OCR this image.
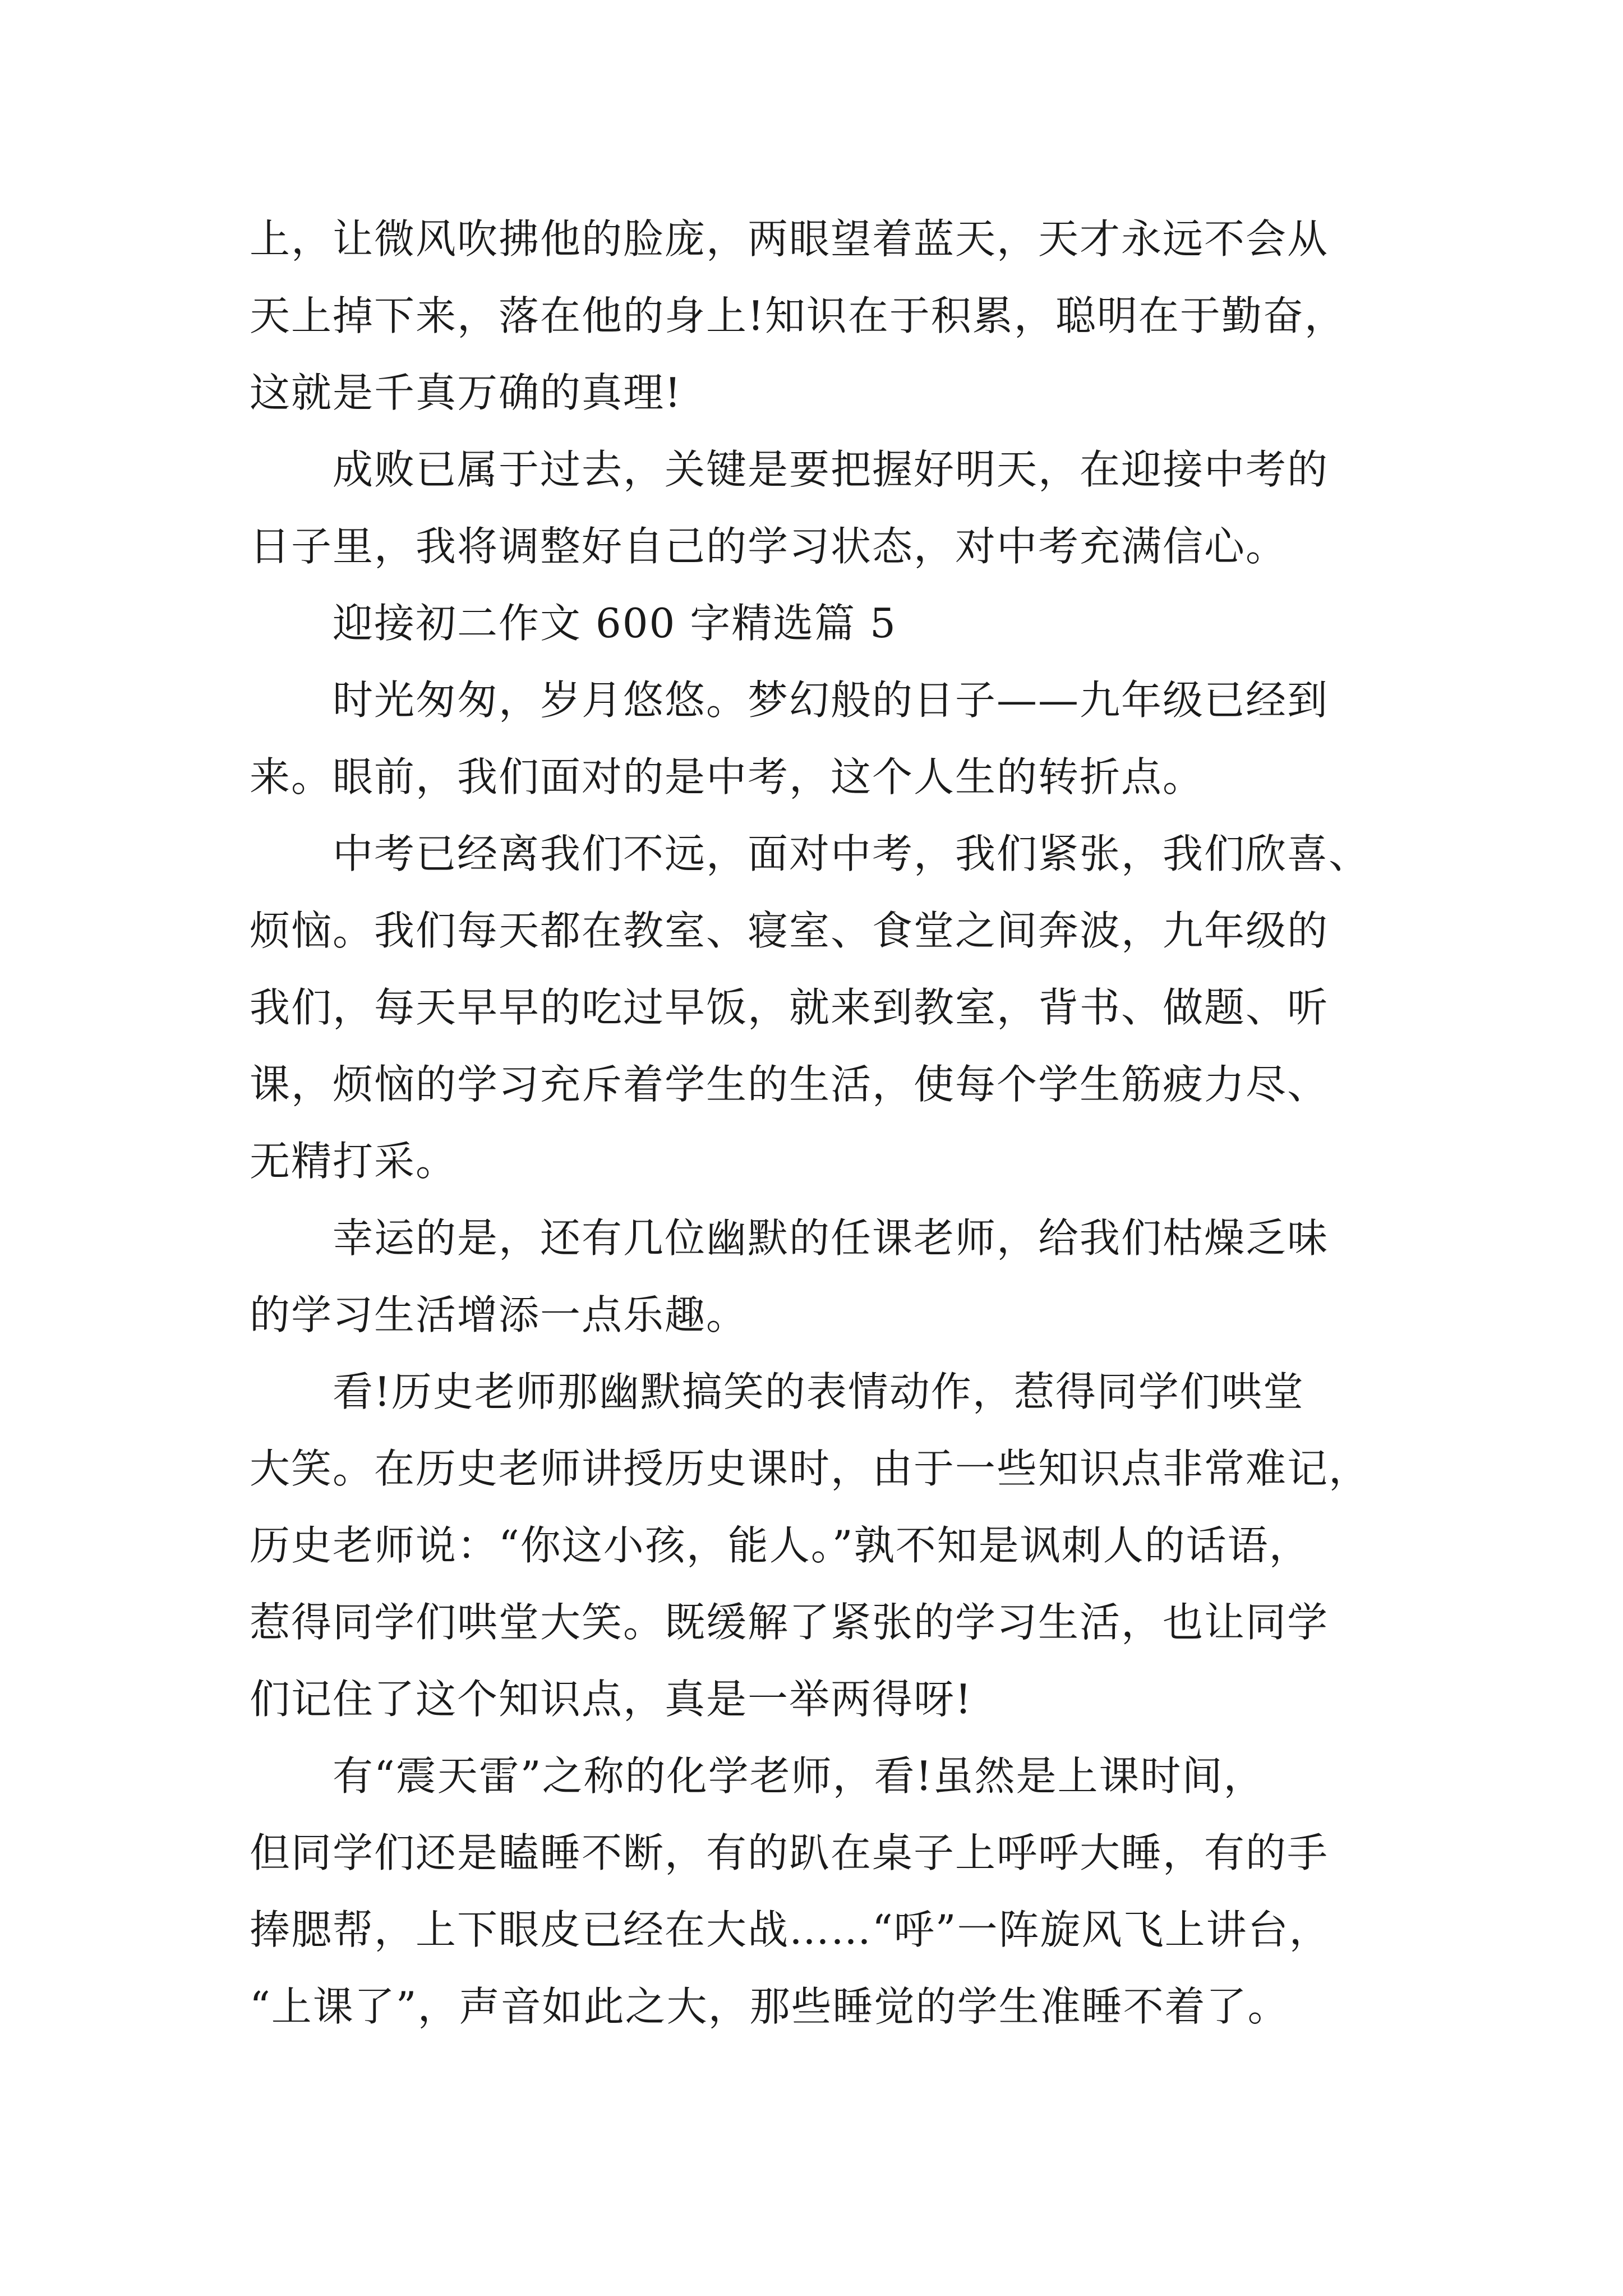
上，让微风吹拂他的脸庞，两眼望着蓝天，天才永远不会从
天上掉下来，落在他的身上!知识在于积累，聪明在于勤奋，
这就是千真万确的真理!
成败已属于过去，关键是要把握好明天，在迎接中考的
日子里，我将调整好自己的学习状态，对中考充满信心。
迎接初二作文 600 字精选篇 5
时光匆匆，岁月悠悠。梦幻般的日子——九年级已经到
来。眼前，我们面对的是中考，这个人生的转折点。
中考已经离我们不远，面对中考，我们紧张，我们欣喜、
烦恼。我们每天都在教室、寝室、食堂之间奔波，九年级的
我们，每天早早的吃过早饭，就来到教室，背书、做题、听
课，烦恼的学习充斥着学生的生活，使每个学生筋疲力尽、
无精打采。
幸运的是，还有几位幽默的任课老师，给我们枯燥乏味
的学习生活增添一点乐趣。
看!历史老师那幽默搞笑的表情动作，惹得同学们哄堂
大笑。在历史老师讲授历史课时，由于一些知识点非常难记，
历史老师说：“你这小孩，能人。”孰不知是讽刺人的话语，
惹得同学们哄堂大笑。既缓解了紧张的学习生活，也让同学
们记住了这个知识点，真是一举两得呀!
有“震天雷”之称的化学老师，看!虽然是上课时间，
但同学们还是瞌睡不断，有的趴在桌子上呼呼大睡，有的手
捧腮帮，上下眼皮已经在大战……“呼”一阵旋风飞上讲台，
“上课了”，声音如此之大，那些睡觉的学生准睡不着了。
